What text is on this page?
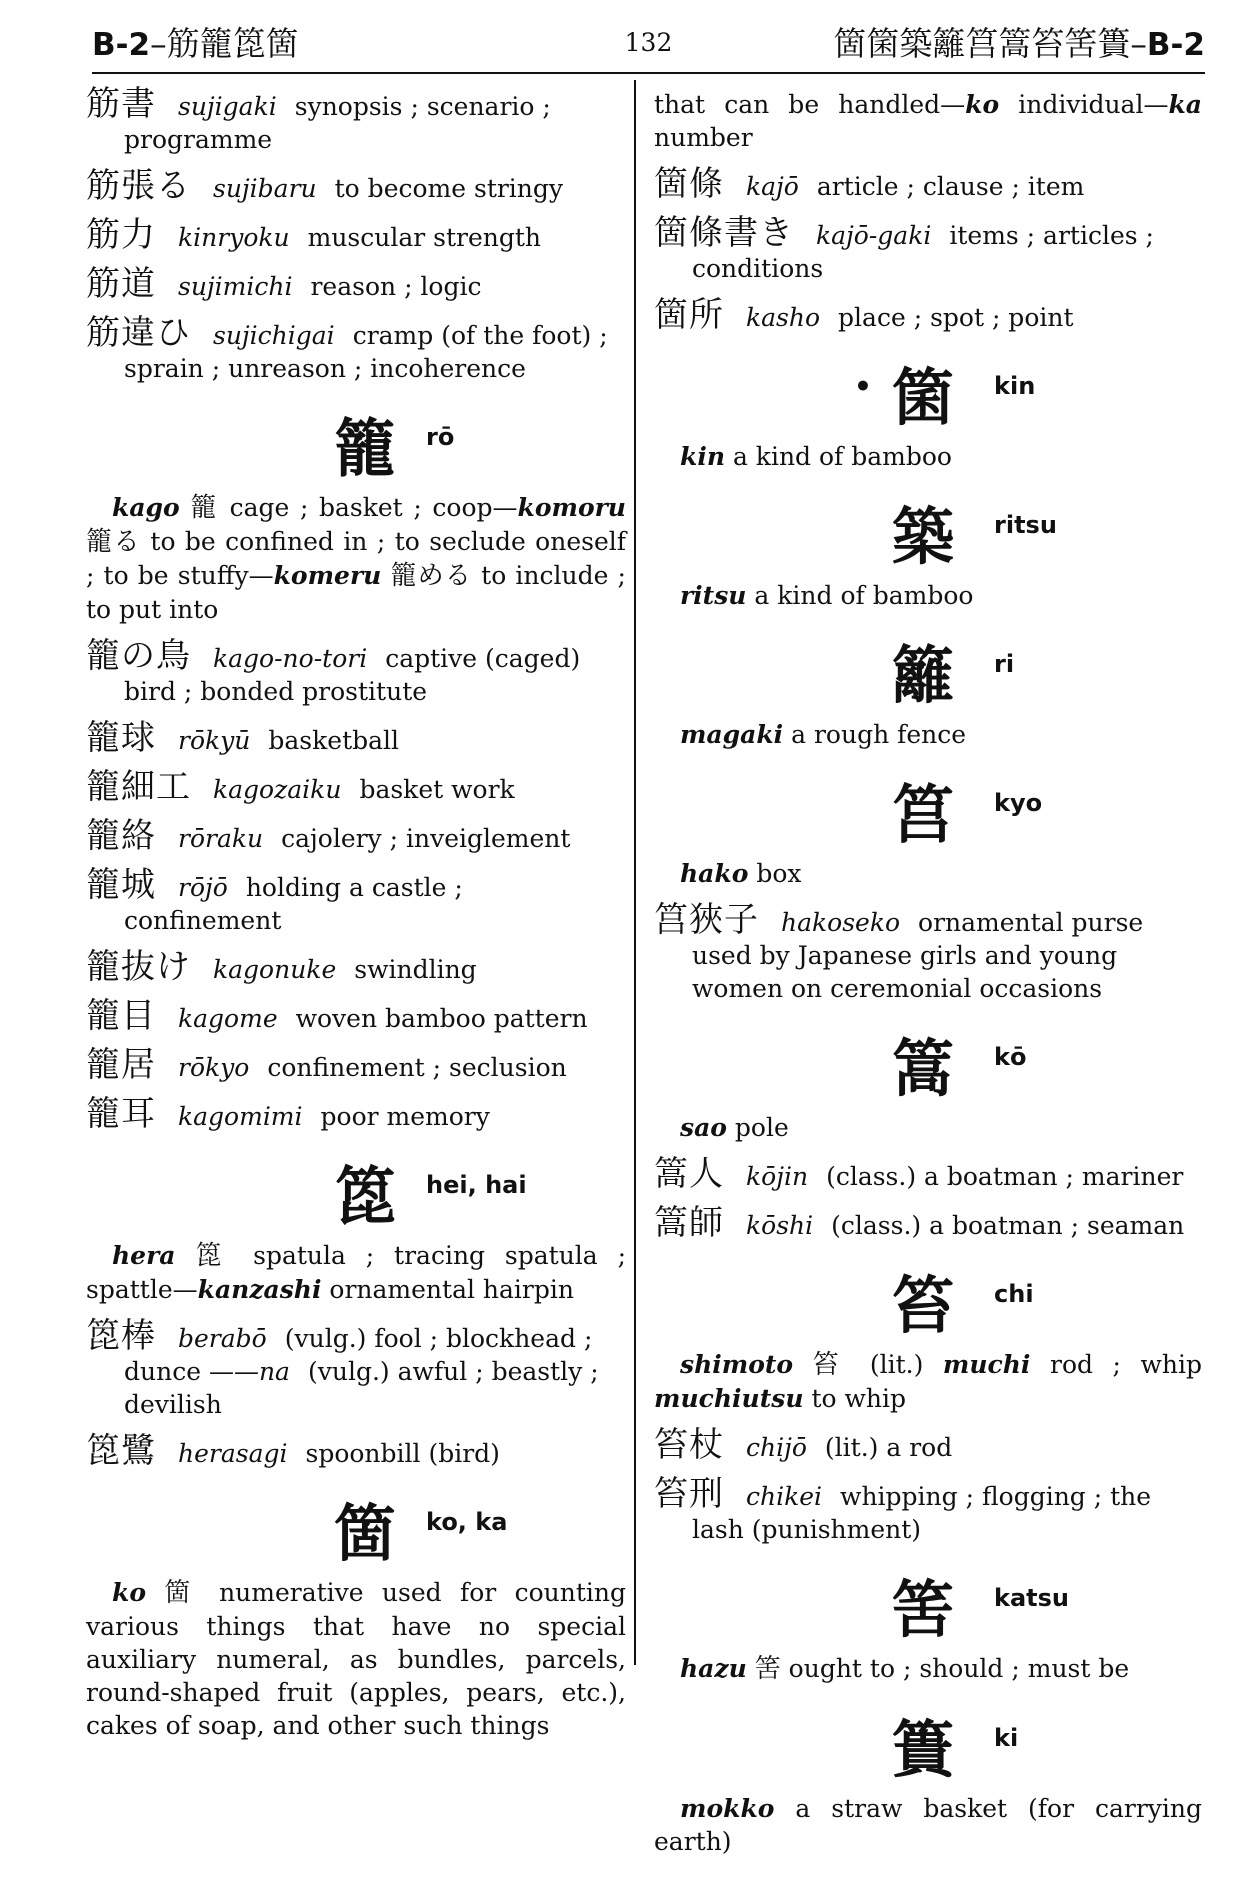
B-2–筋籠箆箇	132	箇箘築籬筥篙笞筈簣–B-2
筋書 sujigaki synopsis ; scenario ; programme
筋張る sujibaru to become stringy
筋力 kinryoku muscular strength
筋道 sujimichi reason ; logic
筋違ひ sujichigai cramp (of the foot) ; sprain ; unreason ; incoherence
籠 rō
kago 籠 cage ; basket ; coop—komoru 籠る to be confined in ; to seclude oneself ; to be stuffy—komeru 籠める to include ; to put into
籠の鳥 kago-no-tori captive (caged) bird ; bonded prostitute
籠球 rōkyū basketball
籠細工 kagozaiku basket work
籠絡 rōraku cajolery ; inveiglement
籠城 rōjō holding a castle ; confinement
籠抜け kagonuke swindling
籠目 kagome woven bamboo pattern
籠居 rōkyo confinement ; seclusion
籠耳 kagomimi poor memory
箆 hei, hai
hera 箆 spatula ; tracing spatula ; spattle—kanzashi ornamental hairpin
箆棒 berabō (vulg.) fool ; blockhead ; dunce ——na (vulg.) awful ; beastly ; devilish
箆鷺 herasagi spoonbill (bird)
箇 ko, ka
ko 箇 numerative used for counting various things that have no special auxiliary numeral, as bundles, parcels, round-shaped fruit (apples, pears, etc.), cakes of soap, and other such things
that can be handled—ko individual—ka number
箇條 kajō article ; clause ; item
箇條書き kajō-gaki items ; articles ; conditions
箇所 kasho place ; spot ; point
• 箘 kin
kin a kind of bamboo
築 ritsu
ritsu a kind of bamboo
籬 ri
magaki a rough fence
筥 kyo
hako box
筥狹子 hakoseko ornamental purse used by Japanese girls and young women on ceremonial occasions
篙 kō
sao pole
篙人 kōjin (class.) a boatman ; mariner
篙師 kōshi (class.) a boatman ; seaman
笞 chi
shimoto 笞 (lit.) muchi rod ; whip muchiutsu to whip
笞杖 chijō (lit.) a rod
笞刑 chikei whipping ; flogging ; the lash (punishment)
筈 katsu
hazu 筈 ought to ; should ; must be
簣 ki
mokko a straw basket (for carrying earth)
